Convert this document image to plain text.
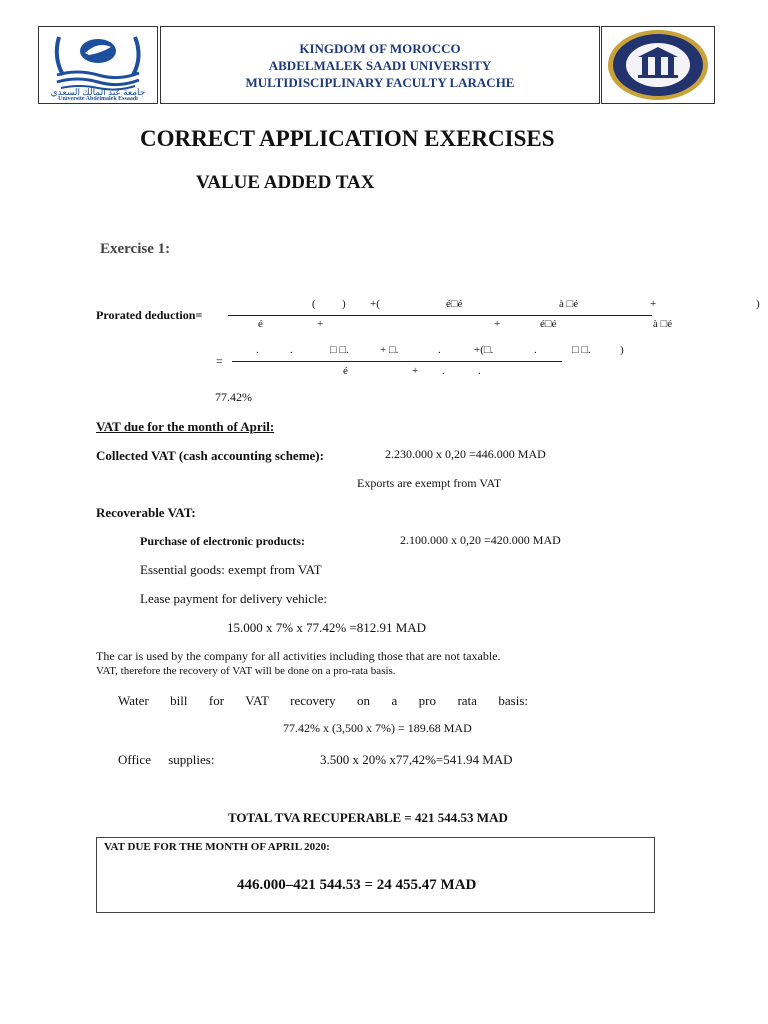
جامعة عبد المالك السعدي
Université Abdelmalek Essaadi
KINGDOM OF MOROCCO
ABDELMALEK SAADI UNIVERSITY
MULTIDISCIPLINARY FACULTY LARACHE
CORRECT APPLICATION EXERCISES
VALUE ADDED TAX
Exercise 1:
Prorated deduction=
( ) +(	é□é	à □é	+	)
é	+	+	é□é	à □é
=
.	.	□ □.	+ □.	.	+(□.	.	□ □.	)
é	+ .	.
77.42%
VAT due for the month of April:
Collected VAT (cash accounting scheme):	2.230.000 x 0,20 =446.000 MAD
Exports are exempt from VAT
Recoverable VAT:
Purchase of electronic products:	2.100.000 x 0,20 =420.000 MAD
Essential goods: exempt from VAT
Lease payment for delivery vehicle:
15.000 x 7% x 77.42% =812.91 MAD
The car is used by the company for all activities including those that are not taxable.
VAT, therefore the recovery of VAT will be done on a pro-rata basis.
Water bill for VAT recovery on a pro rata basis:
77.42% x (3,500 x 7%) = 189.68 MAD
Office supplies:	3.500 x 20% x77,42%=541.94 MAD
TOTAL TVA RECUPERABLE = 421 544.53 MAD
VAT DUE FOR THE MONTH OF APRIL 2020:
446.000–421 544.53 = 24 455.47 MAD
